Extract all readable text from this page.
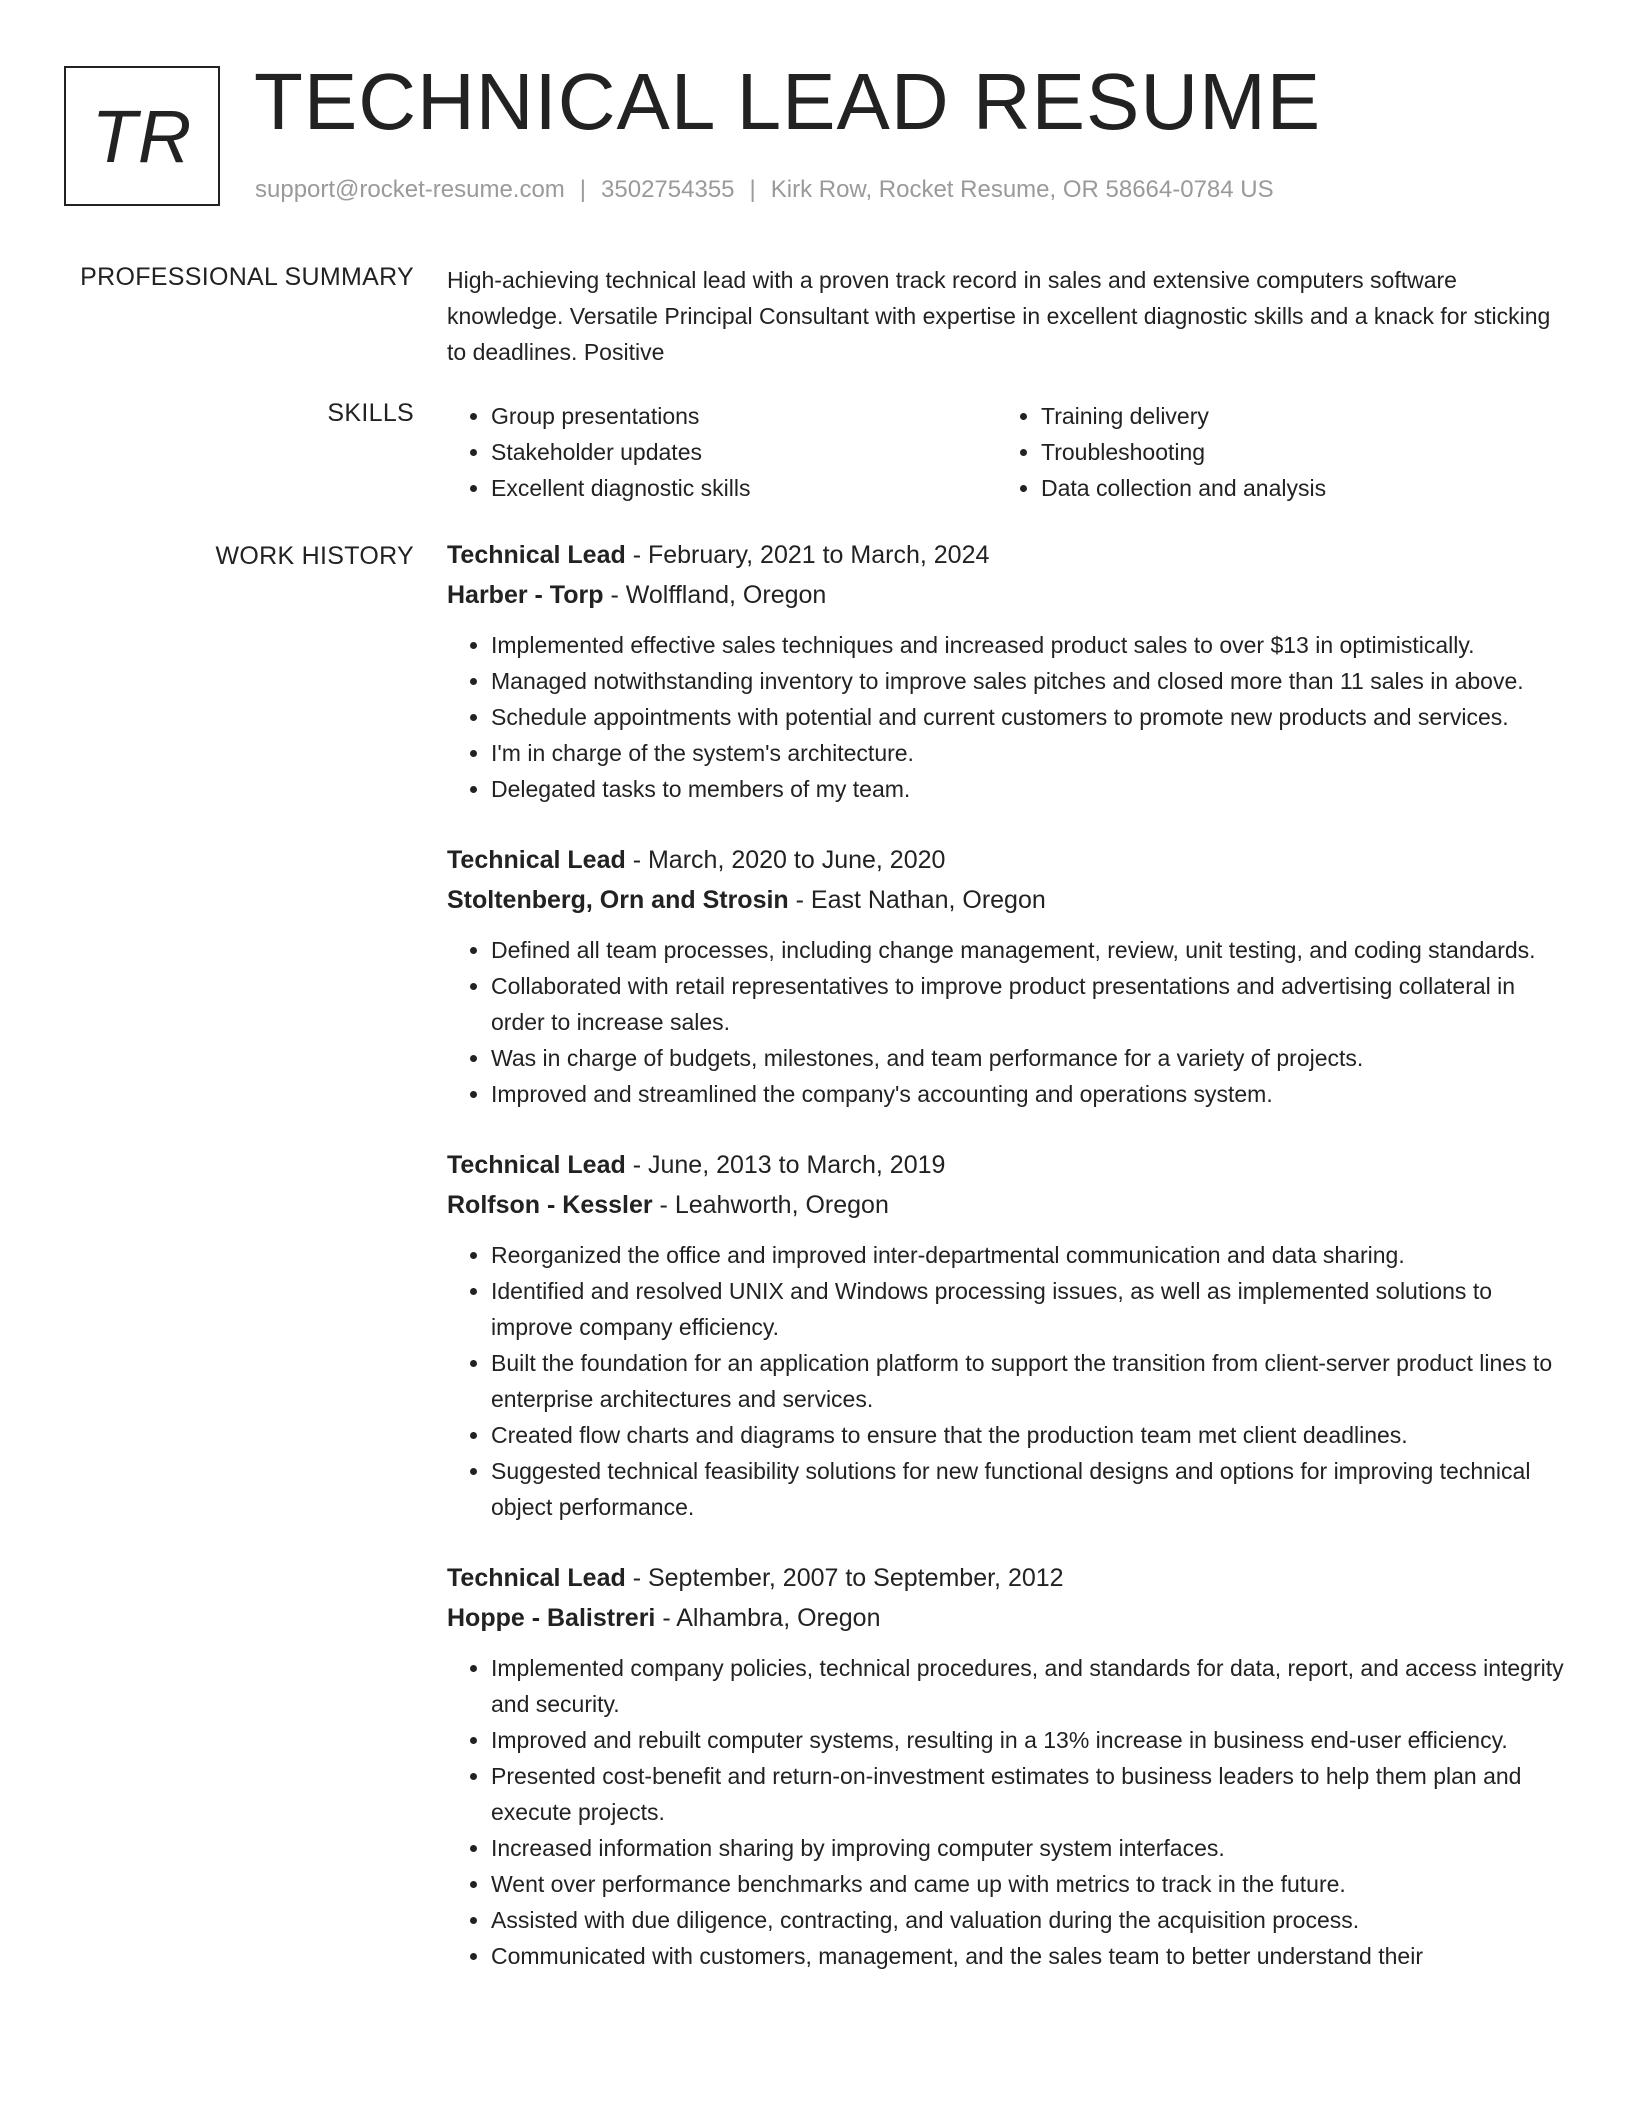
TR TECHNICAL LEAD RESUME
support@rocket-resume.com | 3502754355 | Kirk Row, Rocket Resume, OR 58664-0784 US
PROFESSIONAL SUMMARY High-achieving technical lead with a proven track record in sales and extensive computers software knowledge. Versatile Principal Consultant with expertise in excellent diagnostic skills and a knack for sticking to deadlines. Positive

SKILLS
•	Group presentations
• Stakeholder updates
• Excellent diagnostic skills
• Training delivery
• Troubleshooting
• Data collection and analysis
WORK HISTORY Technical Lead - February, 2021 to March, 2024
Harber - Torp - Wolffland, Oregon
• Implemented effective sales techniques and increased product sales to over $13 in optimistically.
• Managed notwithstanding inventory to improve sales pitches and closed more than 11 sales in above.
• Schedule appointments with potential and current customers to promote new products and services.
• I'm in charge of the system's architecture.
• Delegated tasks to members of my team.
Technical Lead - March, 2020 to June, 2020
Stoltenberg, Orn and Strosin - East Nathan, Oregon
• Defined all team processes, including change management, review, unit testing, and coding standards.
• Collaborated with retail representatives to improve product presentations and advertising collateral in order to increase sales.
• Was in charge of budgets, milestones, and team performance for a variety of projects.
• Improved and streamlined the company's accounting and operations system.
Technical Lead - June, 2013 to March, 2019
Rolfson - Kessler - Leahworth, Oregon
• Reorganized the office and improved inter-departmental communication and data sharing.
• Identified and resolved UNIX and Windows processing issues, as well as implemented solutions to improve company efficiency.
• Built the foundation for an application platform to support the transition from client-server product lines to enterprise architectures and services.
• Created flow charts and diagrams to ensure that the production team met client deadlines.
• Suggested technical feasibility solutions for new functional designs and options for improving technical object performance.
Technical Lead - September, 2007 to September, 2012
Hoppe - Balistreri - Alhambra, Oregon
• Implemented company policies, technical procedures, and standards for data, report, and access integrity and security.
• Improved and rebuilt computer systems, resulting in a 13% increase in business end-user efficiency.
• Presented cost-benefit and return-on-investment estimates to business leaders to help them plan and execute projects.
• Increased information sharing by improving computer system interfaces.
• Went over performance benchmarks and came up with metrics to track in the future.
• Assisted with due diligence, contracting, and valuation during the acquisition process.
• Communicated with customers, management, and the sales team to better understand their
